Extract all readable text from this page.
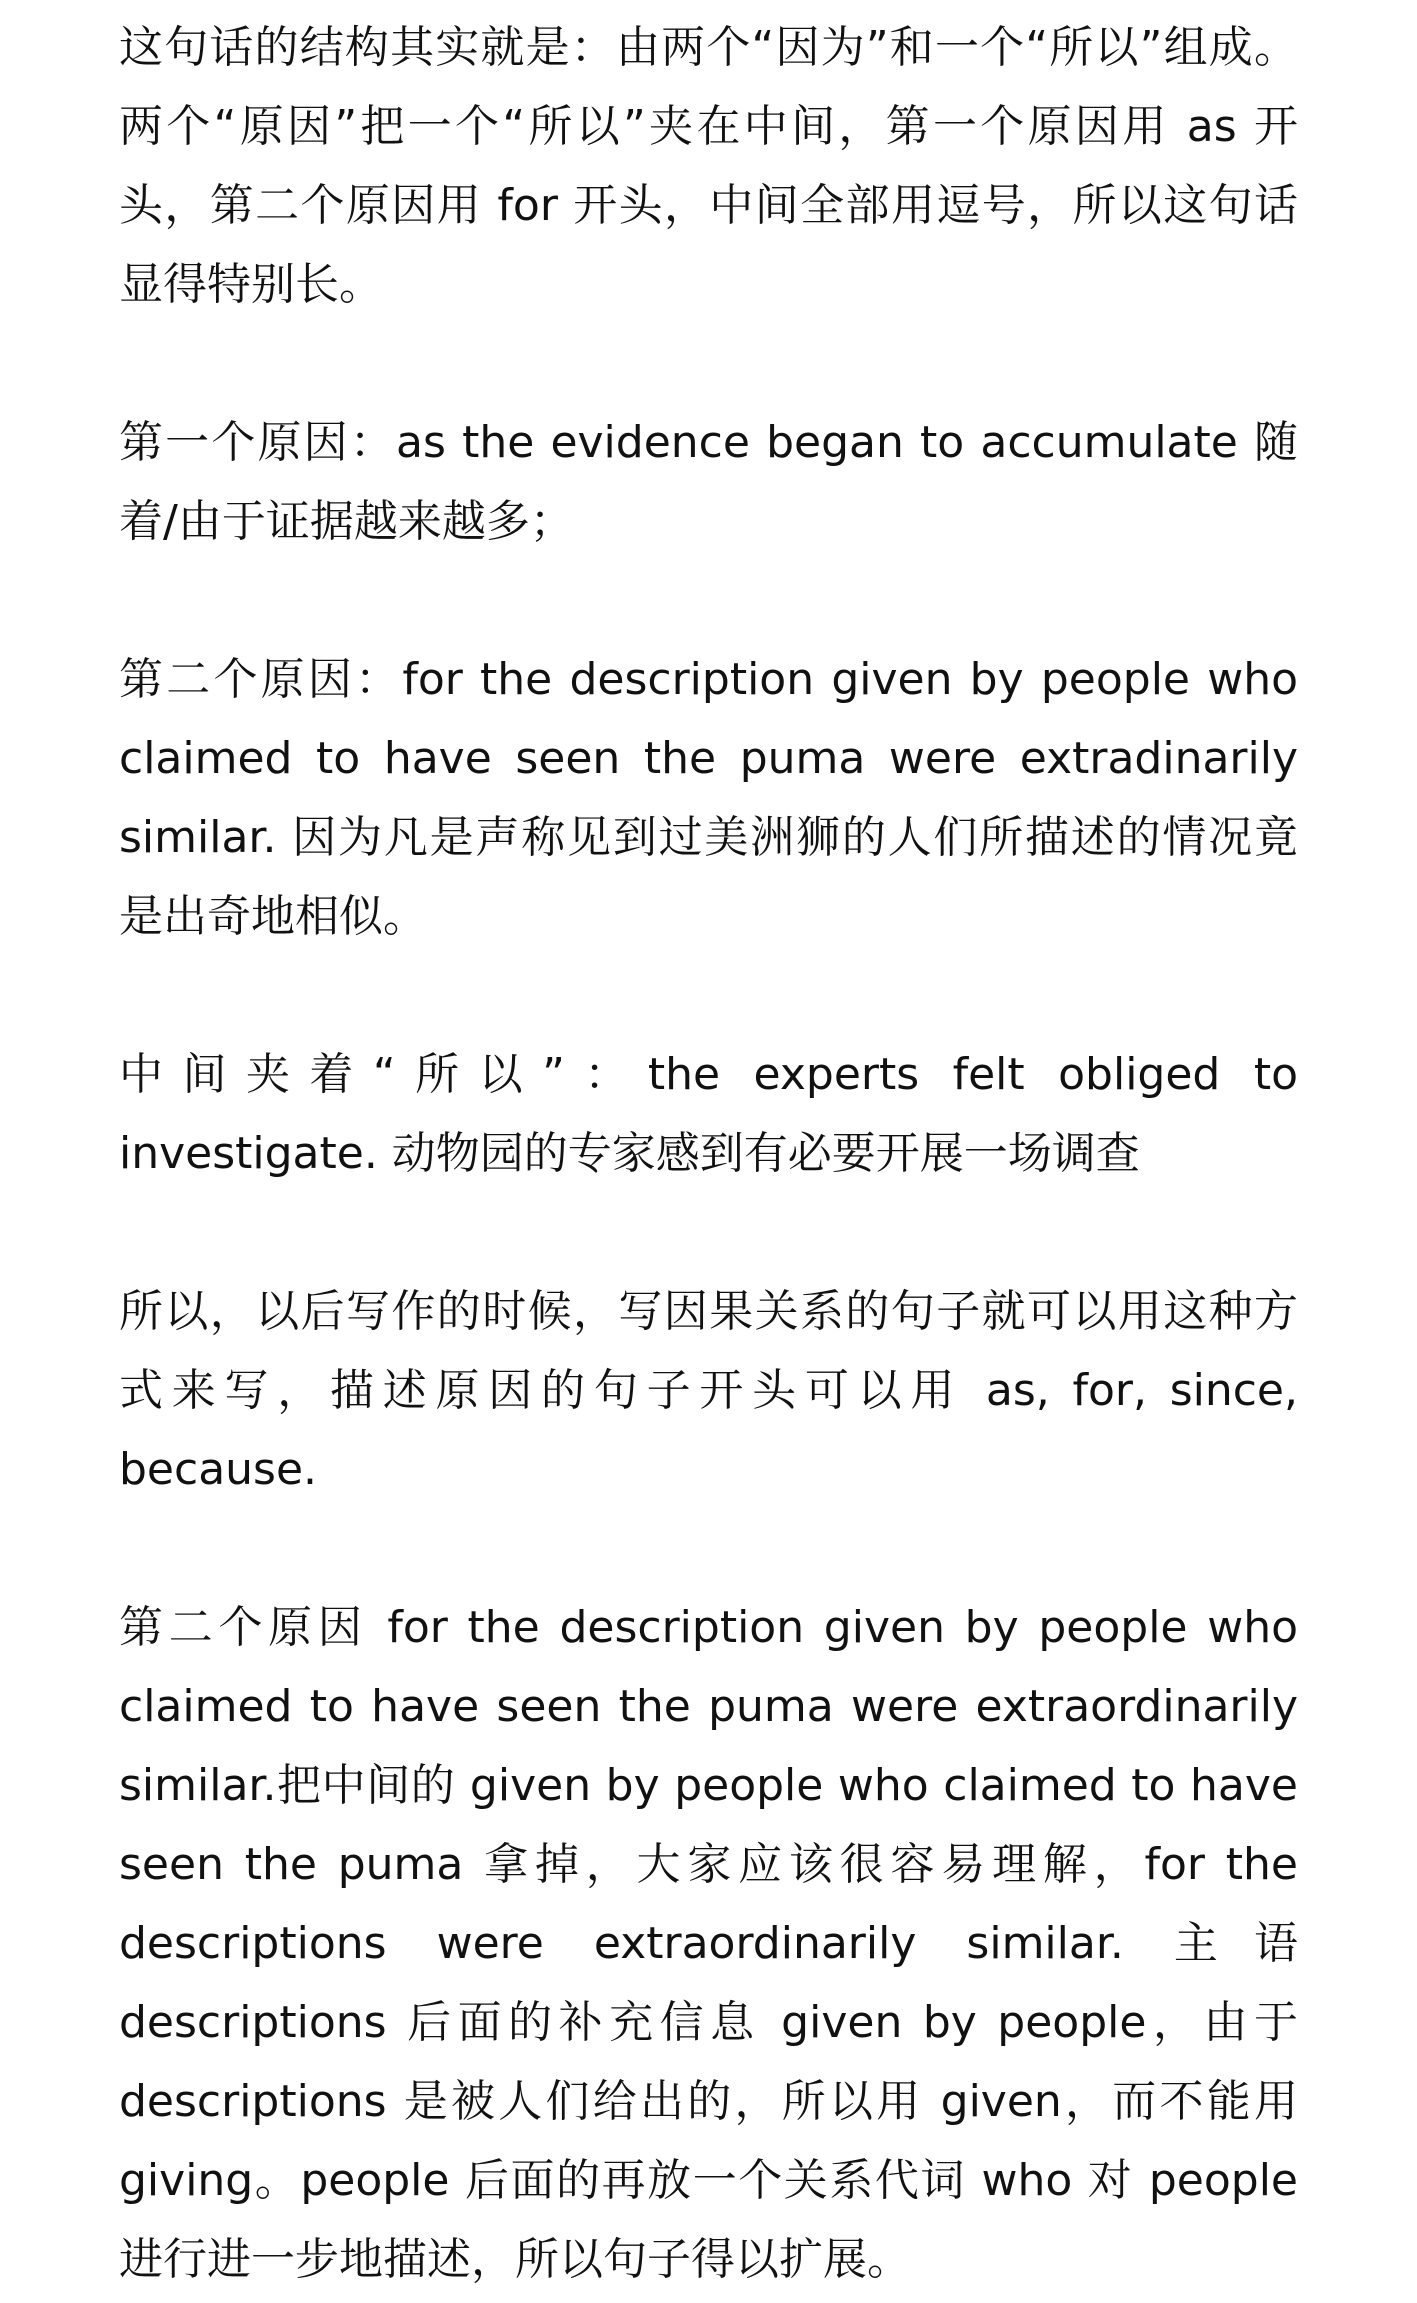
这句话的结构其实就是：由两个“因为”和一个“所以”组成。两个“原因”把一个“所以”夹在中间，第一个原因用 as 开头，第二个原因用 for 开头，中间全部用逗号，所以这句话显得特别长。

第一个原因：as the evidence began to accumulate 随着/由于证据越来越多；

第二个原因：for the description given by people who claimed to have seen the puma were extradinarily similar. 因为凡是声称见到过美洲狮的人们所描述的情况竟是出奇地相似。

中间夹着“所以”：the experts felt obliged to investigate. 动物园的专家感到有必要开展一场调查

所以，以后写作的时候，写因果关系的句子就可以用这种方式来写，描述原因的句子开头可以用 as, for, since, because.

第二个原因 for the description given by people who claimed to have seen the puma were extraordinarily similar.把中间的 given by people who claimed to have seen the puma 拿掉，大家应该很容易理解，for the descriptions were extraordinarily similar. 主语 descriptions 后面的补充信息 given by people，由于 descriptions 是被人们给出的，所以用 given，而不能用 giving。people 后面的再放一个关系代词 who 对 people 进行进一步地描述，所以句子得以扩展。
